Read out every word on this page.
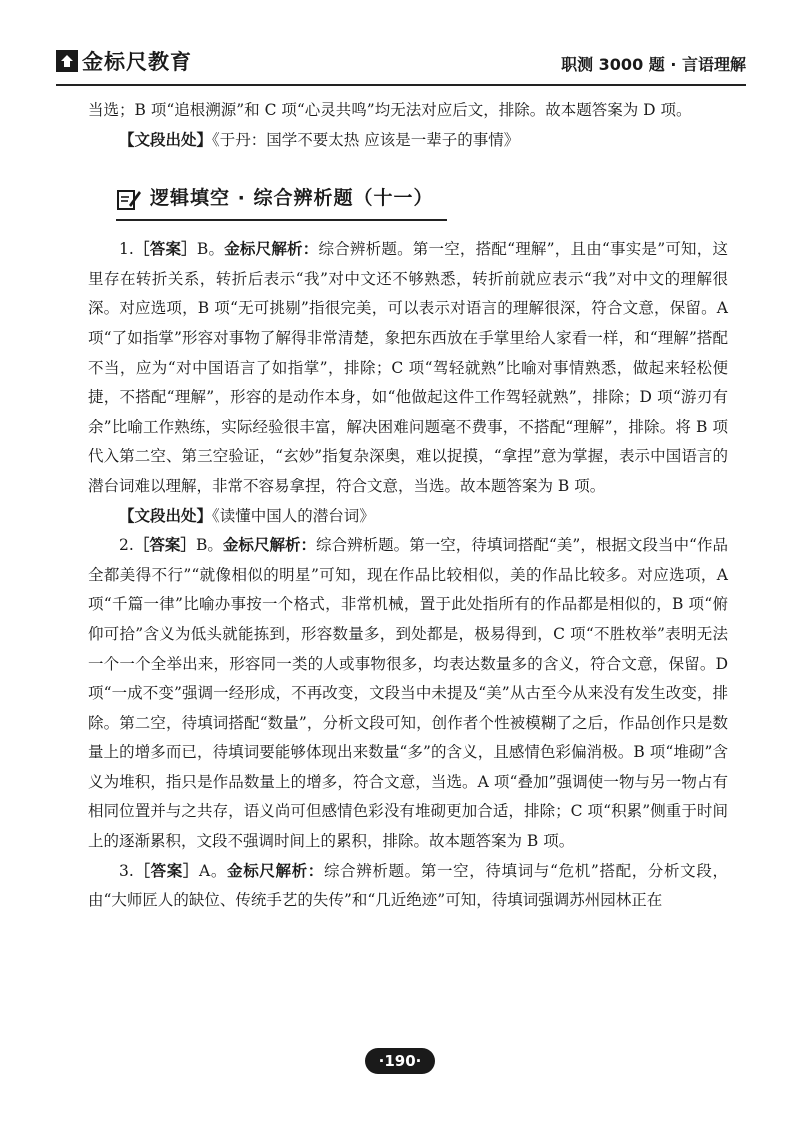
金标尺教育	职测 3000 题 · 言语理解

当选；B 项“追根溯源”和 C 项“心灵共鸣”均无法对应后文，排除。故本题答案为 D 项。

【文段出处】《于丹：国学不要太热 应该是一辈子的事情》

逻辑填空 · 综合辨析题（十一）

1.［答案］B。金标尺解析：综合辨析题。第一空，搭配“理解”，且由“事实是”可知，这里存在转折关系，转折后表示“我”对中文还不够熟悉，转折前就应表示“我”对中文的理解很深。对应选项，B 项“无可挑剔”指很完美，可以表示对语言的理解很深，符合文意，保留。A 项“了如指掌”形容对事物了解得非常清楚，象把东西放在手掌里给人家看一样，和“理解”搭配不当，应为“对中国语言了如指掌”，排除；C 项“驾轻就熟”比喻对事情熟悉，做起来轻松便捷，不搭配“理解”，形容的是动作本身，如“他做起这件工作驾轻就熟”，排除；D 项“游刃有余”比喻工作熟练，实际经验很丰富，解决困难问题毫不费事，不搭配“理解”，排除。将 B 项代入第二空、第三空验证，“玄妙”指复杂深奥，难以捉摸，“拿捏”意为掌握，表示中国语言的潜台词难以理解，非常不容易拿捏，符合文意，当选。故本题答案为 B 项。

【文段出处】《读懂中国人的潜台词》

2.［答案］B。金标尺解析：综合辨析题。第一空，待填词搭配“美”，根据文段当中“作品全都美得不行”“就像相似的明星”可知，现在作品比较相似，美的作品比较多。对应选项，A 项“千篇一律”比喻办事按一个格式，非常机械，置于此处指所有的作品都是相似的，B 项“俯仰可拾”含义为低头就能拣到，形容数量多，到处都是，极易得到，C 项“不胜枚举”表明无法一个一个全举出来，形容同一类的人或事物很多，均表达数量多的含义，符合文意，保留。D 项“一成不变”强调一经形成，不再改变，文段当中未提及“美”从古至今从来没有发生改变，排除。第二空，待填词搭配“数量”，分析文段可知，创作者个性被模糊了之后，作品创作只是数量上的增多而已，待填词要能够体现出来数量“多”的含义，且感情色彩偏消极。B 项“堆砌”含义为堆积，指只是作品数量上的增多，符合文意，当选。A 项“叠加”强调使一物与另一物占有相同位置并与之共存，语义尚可但感情色彩没有堆砌更加合适，排除；C 项“积累”侧重于时间上的逐渐累积，文段不强调时间上的累积，排除。故本题答案为 B 项。

3.［答案］A。金标尺解析：综合辨析题。第一空，待填词与“危机”搭配，分析文段，由“大师匠人的缺位、传统手艺的失传”和“几近绝迹”可知，待填词强调苏州园林正在

·190·
